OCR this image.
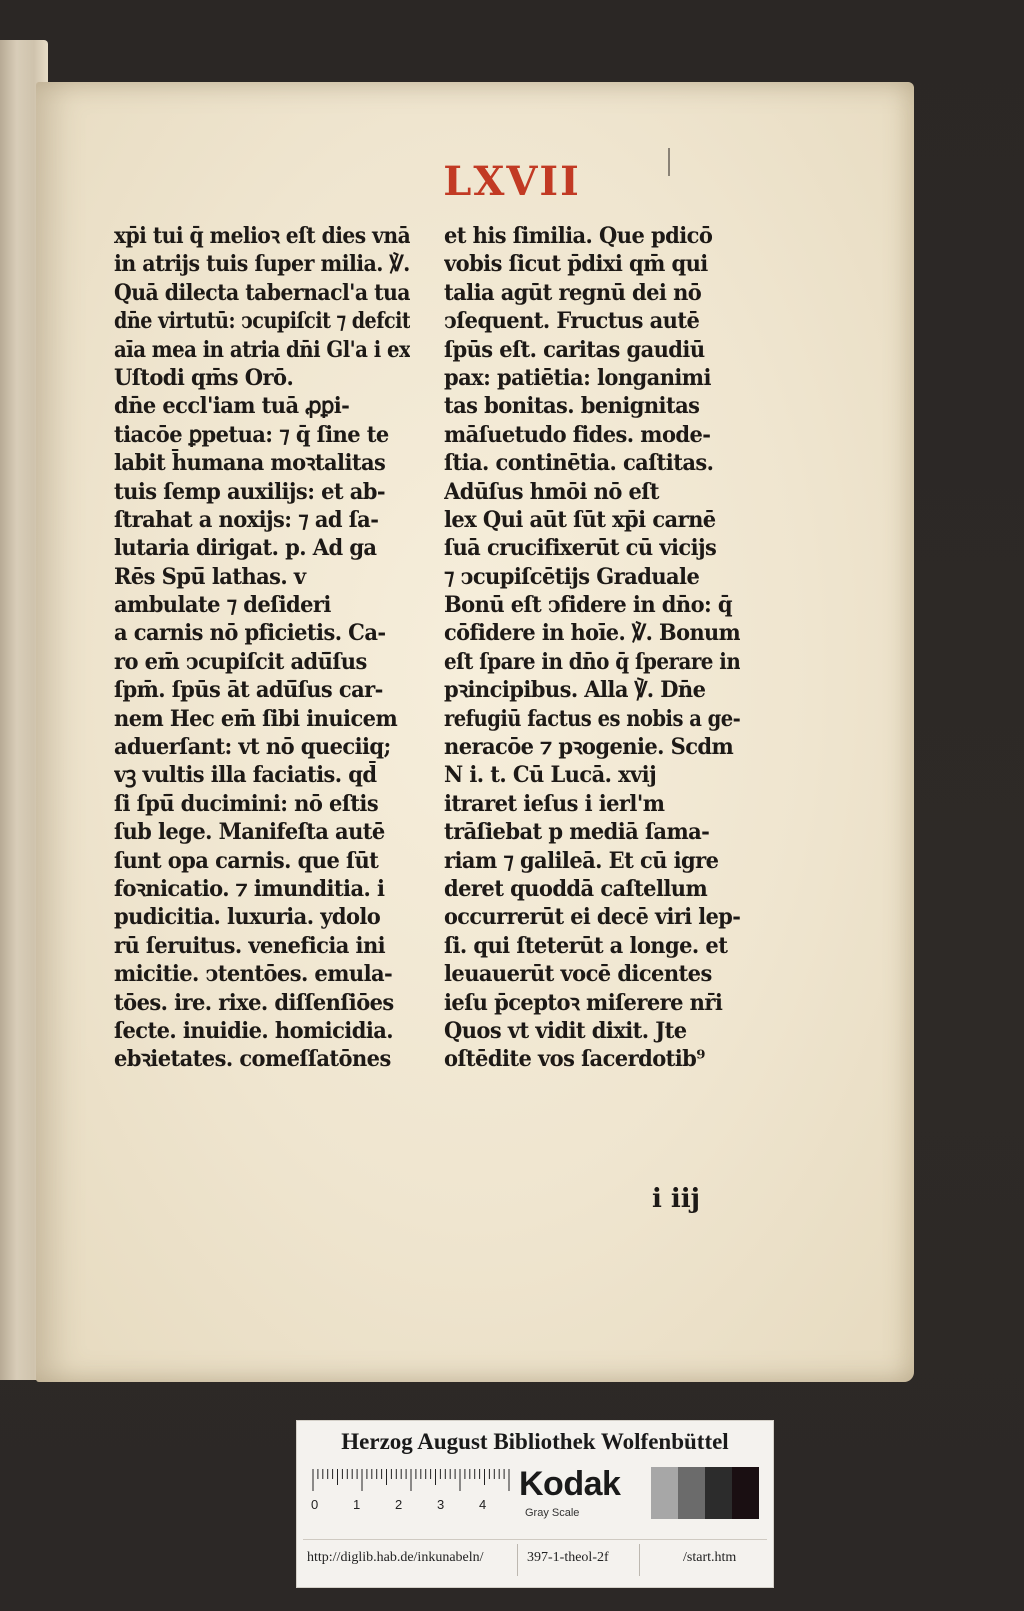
LXVII
xp̄i tui q̄ melioꝛ eſt dies vnā
in atrijs tuis ſuper milia. ℣.
Quā dilecta tabernacl'a tua
dn̄e virtutū: ↄcupiſcit ⁊ defcit
aīa mea in atria dn̄i Gl'a i ex
Uſtodi qm̄s Orō.
dn̄e eccl'iam tuā ꝓꝑi-
tiacōe ꝑpetua: ⁊ q̄ ſine te
labit h̄umana moꝛtalitas
tuis ſemp auxilijs: et ab-
ſtrahat a noxijs: ⁊ ad ſa-
lutaria dirigat. p. Ad ga
Rēs Spū̄ lathas. v
ambulate ⁊ deſideri
a carnis nō pficietis. Ca-
ro em̄ ↄcupiſcit adū̄ſus
ſpm̄. ſpūs āt adū̄ſus car-
nem Hec em̄ ſibi inuicem
aduerſant: vt nō queciiq;
vꝫ vultis illa faciatis. qd̄
ſi ſpū̄ ducimini: nō eſtis
ſub lege. Manifeſta autē
ſunt opa carnis. que ſūt
foꝛnicatio. ⁊ imunditia. i
pudicitia. luxuria. ydolo
rū ſeruitus. veneficia ini
micitie. ↄtentōes. emula-
tōes. ire. rixe. diſſenſiōes
ſecte. inuidie. homicidia.
ebꝛietates. comeſſatōnes
et his ſimilia. Que pdicō
vobis ſicut p̄dixi qm̄ qui
talia agūt regnū dei nō
ↄſequent. Fructus autē
ſpūs eſt. caritas gaudiū
pax: patiētia: longanimi
tas bonitas. benignitas
māſuetudo fides. mode-
ſtia. continētia. caſtitas.
Adūſus hmōi nō eſt
lex Qui aūt ſūt xp̄i carnē
ſuā crucifixerūt cū vicijs
⁊ ↄcupiſcētijs Graduale
Bonū eſt ↄfidere in dn̄o: q̄
cōfidere in hoīe. ℣. Bonum
eſt ſpare in dn̄o q̄ ſperare in
pꝛincipibus. Alla ℣. Dn̄e
refugiū factus es nobis a ge-
neracōe ⁊ pꝛogenie. Scdm
N i. t. Cū Lucā. xvij
itraret ieſus i ierl'm
trāſiebat p mediā ſama-
riam ⁊ galileā. Et cū igre
deret quoddā caſtellum
occurrerūt ei decē viri lep-
ſi. qui ſteterūt a longe. et
leuauerūt vocē dicentes
ieſu p̄ceptoꝛ miſerere nr̄i
Quos vt vidit dixit. Jte
oſtēdite vos ſacerdotib⁹
i iij
Herzog August Bibliothek Wolfenbüttel
0	1	2	3	4
Kodak
Gray Scale
http://diglib.hab.de/inkunabeln/	397-1-theol-2f	/start.htm
